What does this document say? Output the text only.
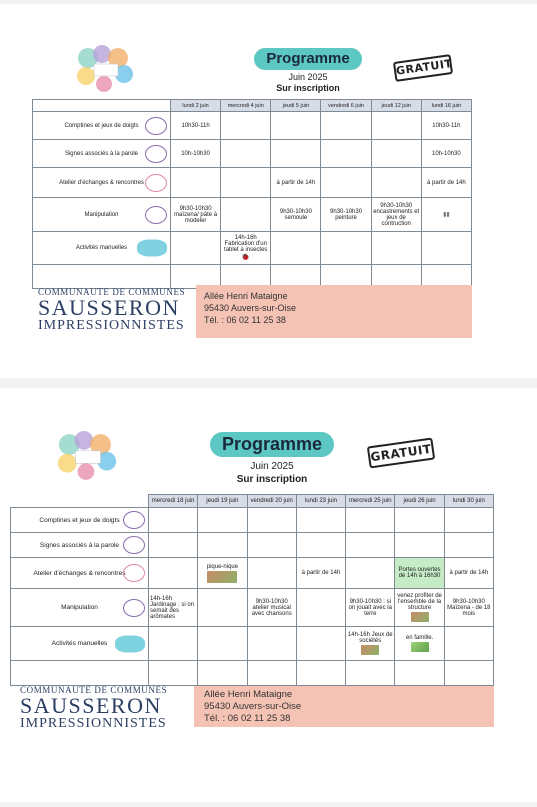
Programme
Juin 2025
Sur inscription
GRATUIT
	lundi 2 juin	mercredi 4 juin	jeudi 5 juin	vendredi 6 juin	jeudi 12 juin	lundi 16 juin
Comptines et jeux de doigts	10h30-11h					10h30-11h
Signes associés à la parole	10h-10h30					10h-10h30
Atelier d'échanges & rencontres			à partir de 14h			à partir de 14h
Manipulation	9h30-10h30 maïzena/ pâte à modeler		9h30-10h30 semoule	9h30-10h30 peinture	9h30-10h30 encastrements et jeux de contruction	▮▮
Activités manuelles		14h-16h Fabrication d'un tablet à insectes
🐞				

COMMUNAUTE DE COMMUNES
SAUSSERON
IMPRESSIONNISTES
Allée Henri Mataigne
95430 Auvers-sur-Oise
Tél. : 06 02 11 25 38
Programme
Juin 2025
Sur inscription
GRATUIT
	mercredi 18 juin	jeudi 19 juin	vendredi 20 juin	lundi 23 juin	mercredi 25 juin	jeudi 26 juin	lundi 30 juin
Comptines et jeux de doigts

Signes associés à la parole

Atelier d'échanges & rencontres		pique-nique		à partir de 14h		Portes ouvertes de 14h à 16h30	à partir de 14h
Manipulation	14h-16h Jardinage : si on semait des arômates		9h30-10h30 atelier musical avec chansons		9h30-10h30 : si on jouait avec la terre	venez profiter de l'ensemble de la structure	9h30-10h30 Maïzena - de 18 mois
Activités manuelles					14h-16h Jeux de sociétés	en famille.

COMMUNAUTE DE COMMUNES
SAUSSERON
IMPRESSIONNISTES
Allée Henri Mataigne
95430 Auvers-sur-Oise
Tél. : 06 02 11 25 38
